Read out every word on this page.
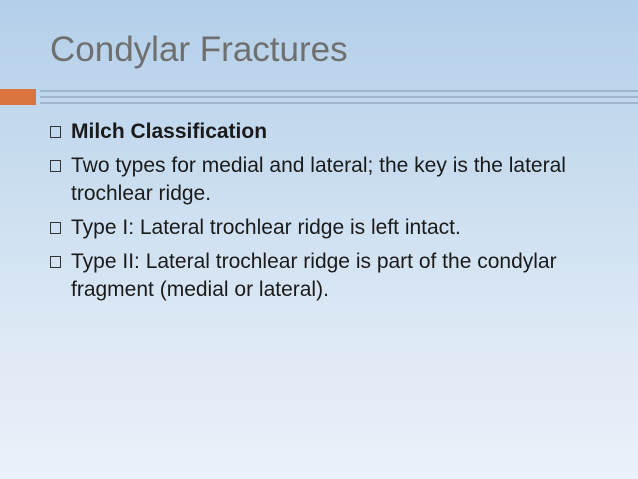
Condylar Fractures
Milch Classification
Two types for medial and lateral; the key is the lateral trochlear ridge.
Type I: Lateral trochlear ridge is left intact.
Type II: Lateral trochlear ridge is part of the condylar fragment (medial or lateral).
